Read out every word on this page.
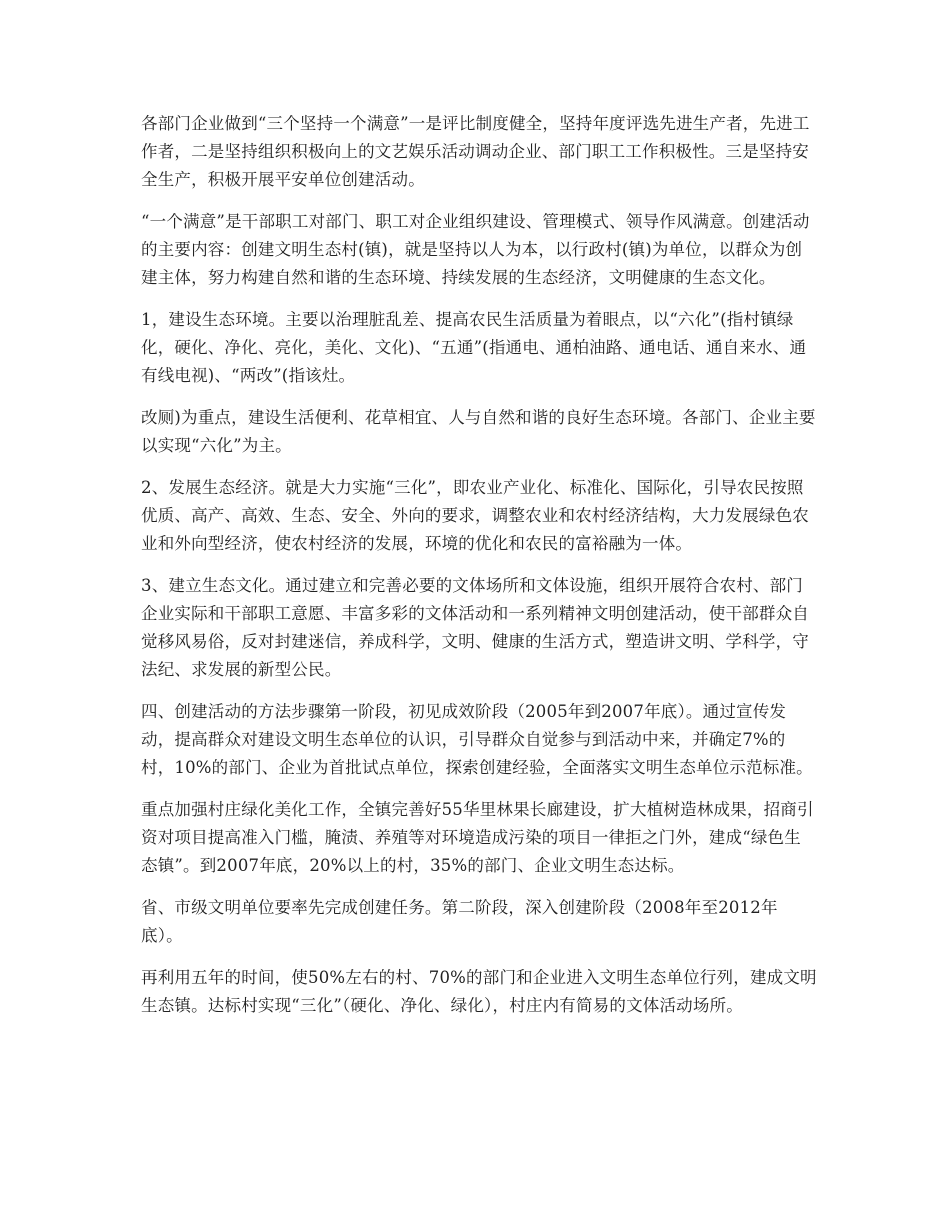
各部门企业做到“三个坚持一个满意”一是评比制度健全，坚持年度评选先进生产者，先进工作者，二是坚持组织积极向上的文艺娱乐活动调动企业、部门职工工作积极性。三是坚持安全生产，积极开展平安单位创建活动。

“一个满意”是干部职工对部门、职工对企业组织建设、管理模式、领导作风满意。创建活动的主要内容：创建文明生态村(镇)，就是坚持以人为本，以行政村(镇)为单位，以群众为创建主体，努力构建自然和谐的生态环境、持续发展的生态经济，文明健康的生态文化。

1，建设生态环境。主要以治理脏乱差、提高农民生活质量为着眼点，以“六化”(指村镇绿化，硬化、净化、亮化，美化、文化)、“五通”(指通电、通柏油路、通电话、通自来水、通有线电视)、“两改”(指该灶。

改厕)为重点，建设生活便利、花草相宜、人与自然和谐的良好生态环境。各部门、企业主要以实现“六化”为主。

2、发展生态经济。就是大力实施“三化”，即农业产业化、标准化、国际化，引导农民按照优质、高产、高效、生态、安全、外向的要求，调整农业和农村经济结构，大力发展绿色农业和外向型经济，使农村经济的发展，环境的优化和农民的富裕融为一体。

3、建立生态文化。通过建立和完善必要的文体场所和文体设施，组织开展符合农村、部门企业实际和干部职工意愿、丰富多彩的文体活动和一系列精神文明创建活动，使干部群众自觉移风易俗，反对封建迷信，养成科学，文明、健康的生活方式，塑造讲文明、学科学，守法纪、求发展的新型公民。

四、创建活动的方法步骤第一阶段，初见成效阶段（2005年到2007年底）。通过宣传发动，提高群众对建设文明生态单位的认识，引导群众自觉参与到活动中来，并确定7%的村，10%的部门、企业为首批试点单位，探索创建经验，全面落实文明生态单位示范标准。

重点加强村庄绿化美化工作，全镇完善好55华里林果长廊建设，扩大植树造林成果，招商引资对项目提高准入门槛，腌渍、养殖等对环境造成污染的项目一律拒之门外，建成“绿色生态镇”。到2007年底，20%以上的村，35%的部门、企业文明生态达标。

省、市级文明单位要率先完成创建任务。第二阶段，深入创建阶段（2008年至2012年底）。

再利用五年的时间，使50%左右的村、70%的部门和企业进入文明生态单位行列，建成文明生态镇。达标村实现“三化”（硬化、净化、绿化），村庄内有简易的文体活动场所。
